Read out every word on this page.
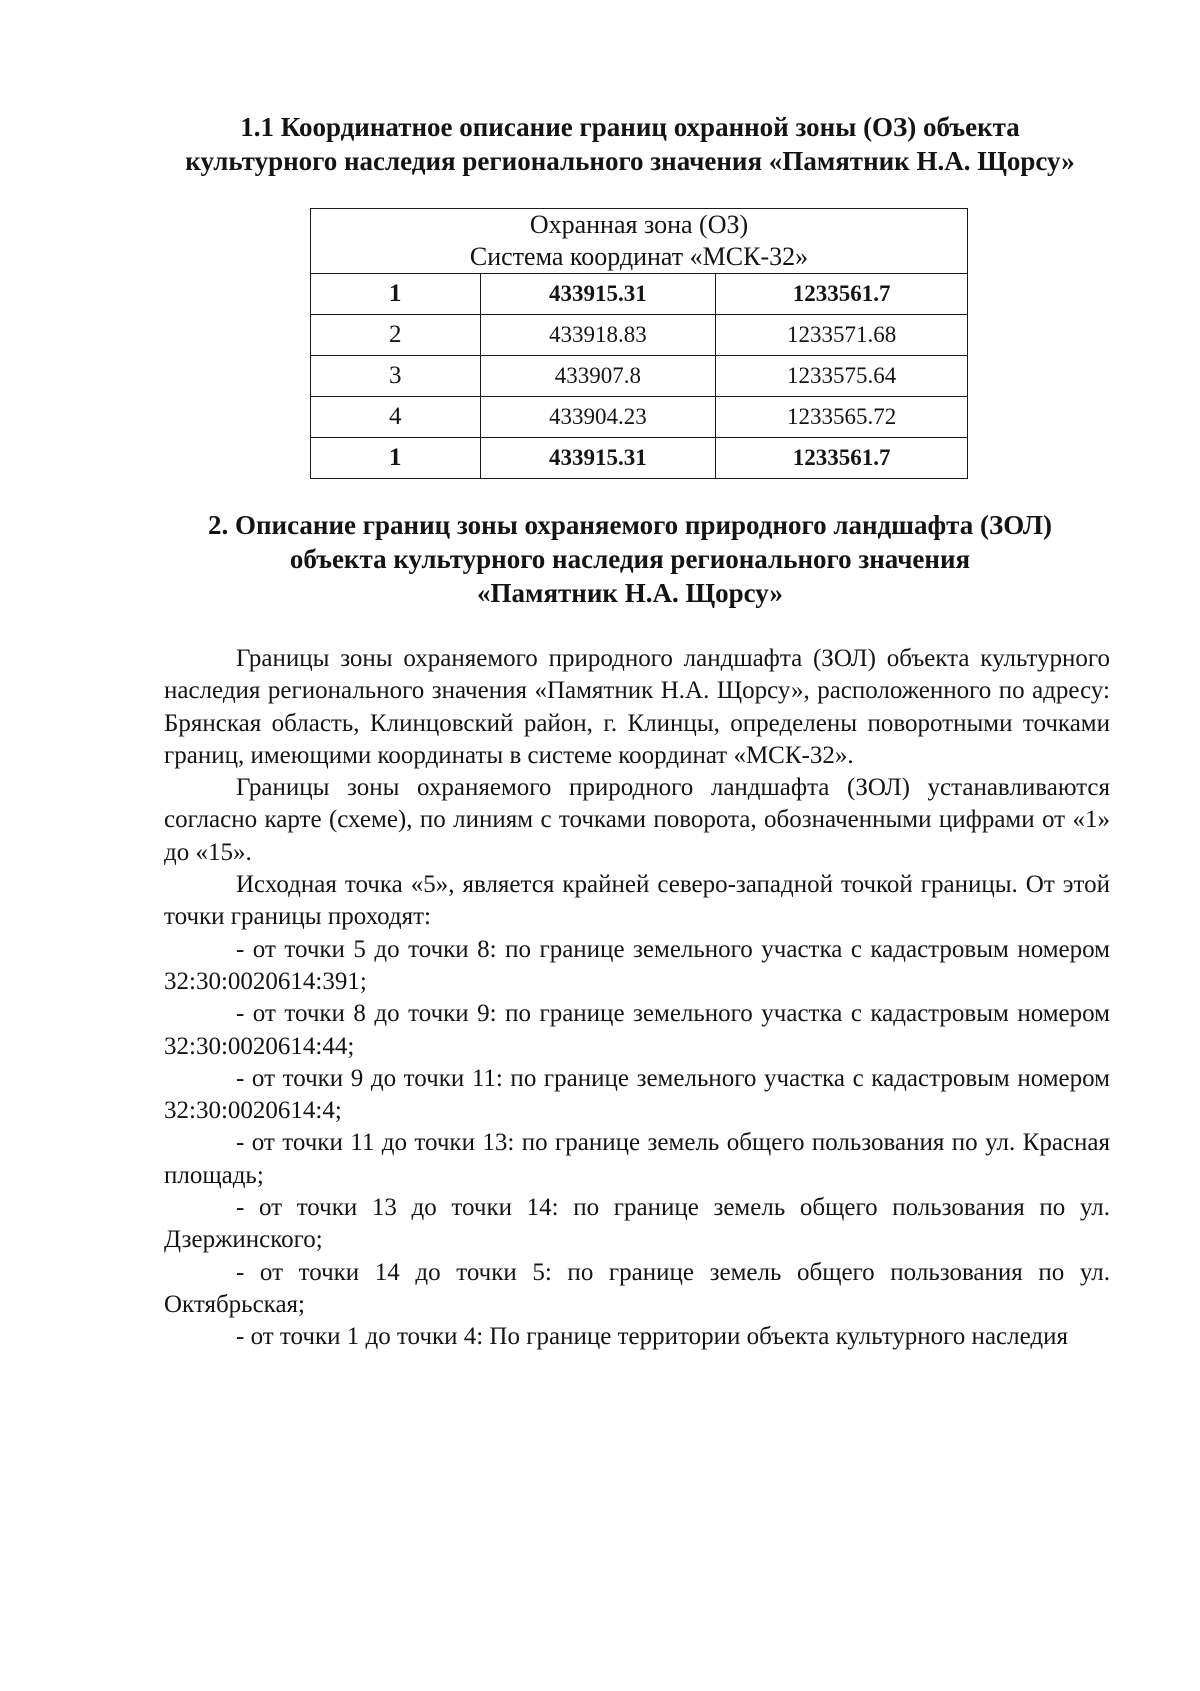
1.1 Координатное описание границ охранной зоны (ОЗ) объекта
культурного наследия регионального значения «Памятник Н.А. Щорсу»
Охранная зона (ОЗ)
Система координат «МСК-32»		

1	433915.31	1233561.7
2	433918.83	1233571.68
3	433907.8	1233575.64
4	433904.23	1233565.72
1	433915.31	1233561.7
2. Описание границ зоны охраняемого природного ландшафта (ЗОЛ)
объекта культурного наследия регионального значения
«Памятник Н.А. Щорсу»

Границы зоны охраняемого природного ландшафта (ЗОЛ) объекта культурного наследия регионального значения «Памятник Н.А. Щорсу», расположенного по адресу: Брянская область, Клинцовский район, г. Клинцы, определены поворотными точками границ, имеющими координаты в системе координат «МСК-32».

Границы зоны охраняемого природного ландшафта (ЗОЛ) устанавливаются согласно карте (схеме), по линиям с точками поворота, обозначенными цифрами от «1» до «15».

Исходная точка «5», является крайней северо-западной точкой границы. От этой точки границы проходят:

- от точки 5 до точки 8: по границе земельного участка с кадастровым номером 32:30:0020614:391;

- от точки 8 до точки 9: по границе земельного участка с кадастровым номером 32:30:0020614:44;

- от точки 9 до точки 11: по границе земельного участка с кадастровым номером 32:30:0020614:4;

- от точки 11 до точки 13: по границе земель общего пользования по ул. Красная площадь;

- от точки 13 до точки 14: по границе земель общего пользования по ул. Дзержинского;

- от точки 14 до точки 5: по границе земель общего пользования по ул. Октябрьская;

- от точки 1 до точки 4: По границе территории объекта культурного наследия
